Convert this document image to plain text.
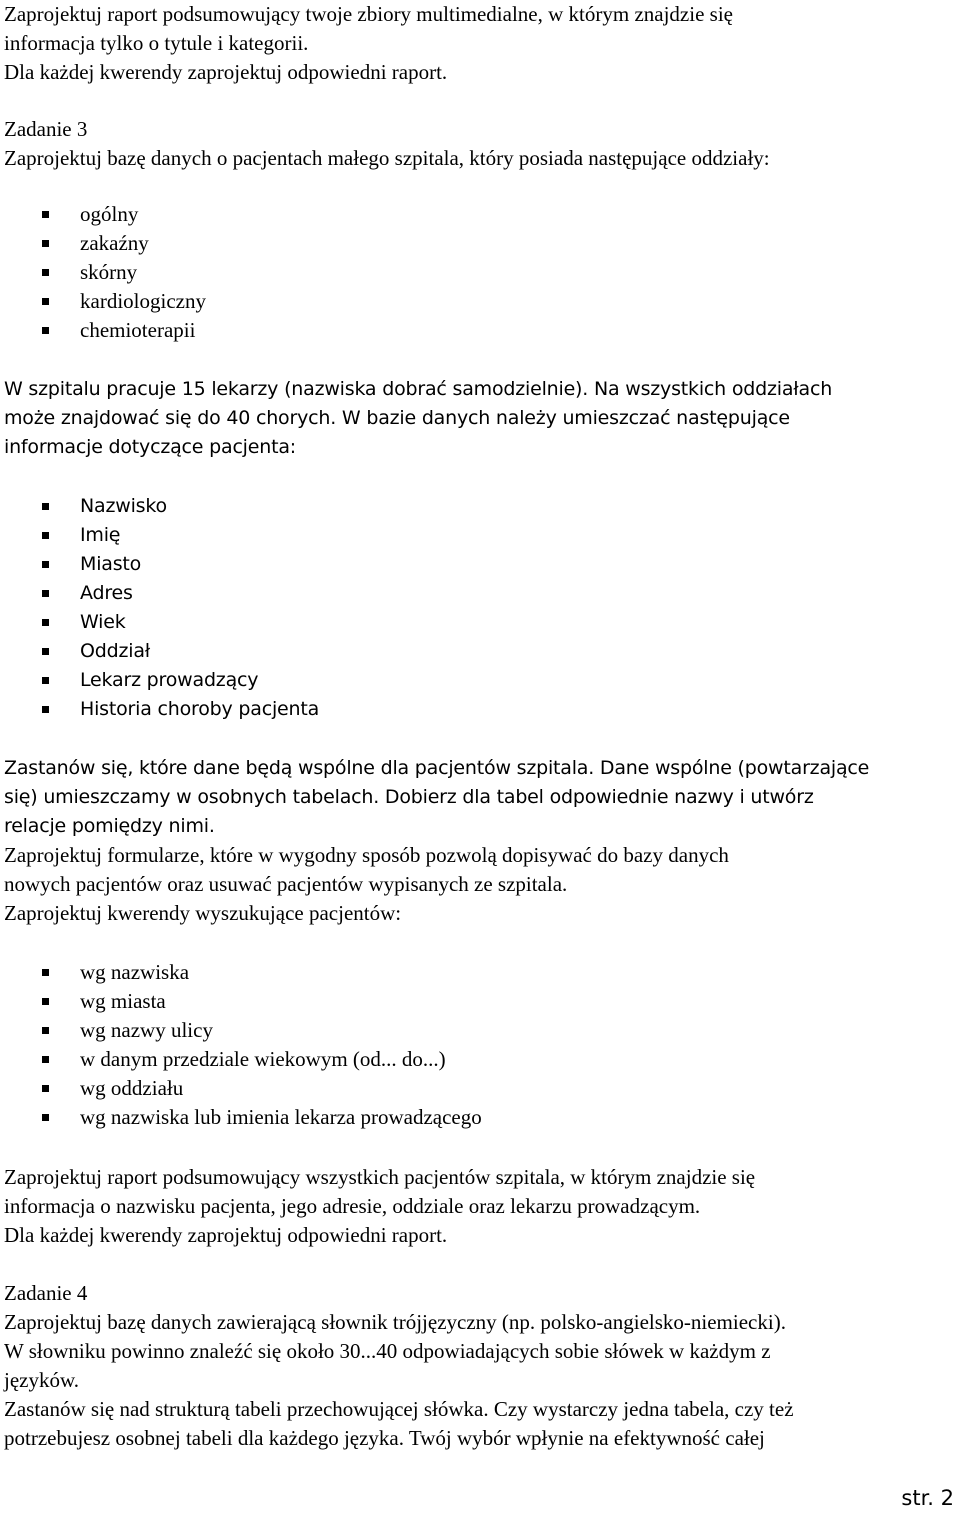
Zaprojektuj raport podsumowujący twoje zbiory multimedialne, w którym znajdzie się
informacja tylko o tytule i kategorii.
Dla każdej kwerendy zaprojektuj odpowiedni raport.
Zadanie 3
Zaprojektuj bazę danych o pacjentach małego szpitala, który posiada następujące oddziały:
ogólny
zakaźny
skórny
kardiologiczny
chemioterapii
W szpitalu pracuje 15 lekarzy (nazwiska dobrać samodzielnie). Na wszystkich oddziałach
może znajdować się do 40 chorych. W bazie danych należy umieszczać następujące
informacje dotyczące pacjenta:
Nazwisko
Imię
Miasto
Adres
Wiek
Oddział
Lekarz prowadzący
Historia choroby pacjenta
Zastanów się, które dane będą wspólne dla pacjentów szpitala. Dane wspólne (powtarzające
się) umieszczamy w osobnych tabelach. Dobierz dla tabel odpowiednie nazwy i utwórz
relacje pomiędzy nimi.
Zaprojektuj formularze, które w wygodny sposób pozwolą dopisywać do bazy danych
nowych pacjentów oraz usuwać pacjentów wypisanych ze szpitala.
Zaprojektuj kwerendy wyszukujące pacjentów:
wg nazwiska
wg miasta
wg nazwy ulicy
w danym przedziale wiekowym (od... do...)
wg oddziału
wg nazwiska lub imienia lekarza prowadzącego
Zaprojektuj raport podsumowujący wszystkich pacjentów szpitala, w którym znajdzie się
informacja o nazwisku pacjenta, jego adresie, oddziale oraz lekarzu prowadzącym.
Dla każdej kwerendy zaprojektuj odpowiedni raport.
Zadanie 4
Zaprojektuj bazę danych zawierającą słownik trójjęzyczny (np. polsko-angielsko-niemiecki).
W słowniku powinno znaleźć się około 30...40 odpowiadających sobie słówek w każdym z
języków.
Zastanów się nad strukturą tabeli przechowującej słówka. Czy wystarczy jedna tabela, czy też
potrzebujesz osobnej tabeli dla każdego języka. Twój wybór wpłynie na efektywność całej
str. 2
